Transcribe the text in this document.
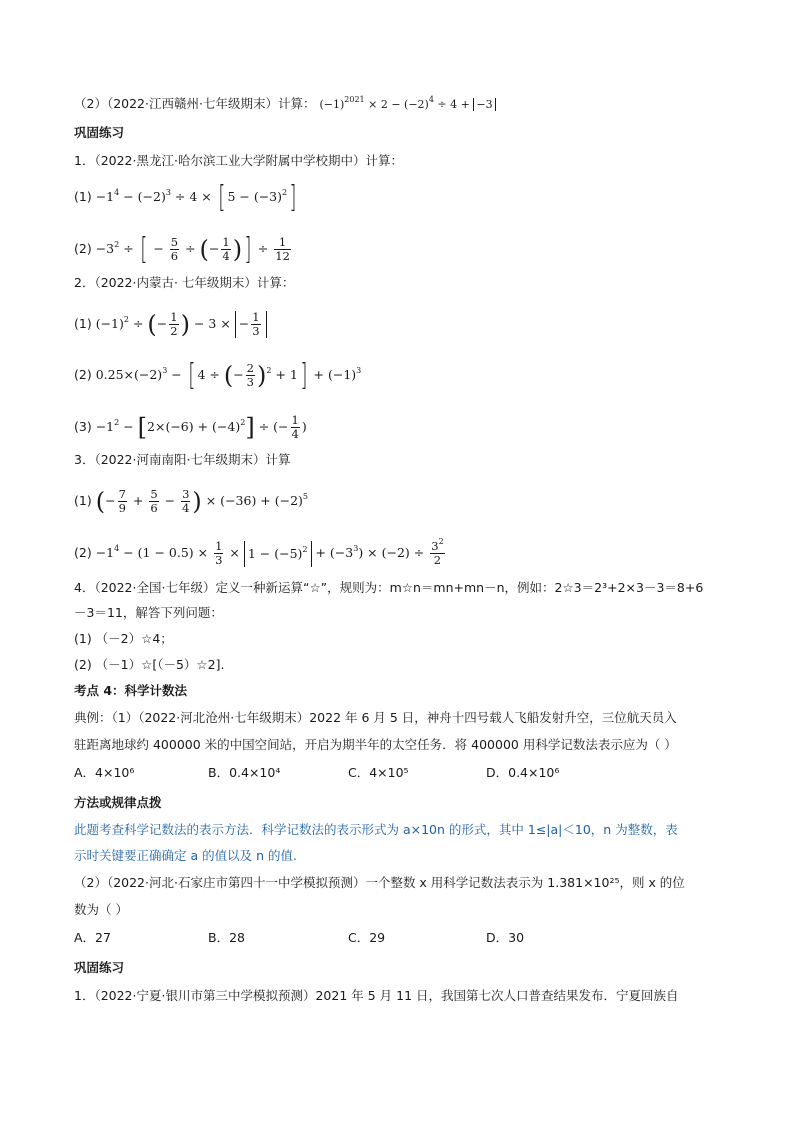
（2）（2022·江西赣州·七年级期末）计算： $(-1)^{2021} \times 2 - (-2)^4 \div 4 + -3$
巩固练习
1．（2022·黑龙江·哈尔滨工业大学附属中学校期中）计算：
$(1) -1^4 - (-2)^3 \div 4$ × [ $5 - (-3)^2$]
$(2) -3^2$ ÷ [ − $\frac{5}{6}$ ÷ (− $\frac{1}{4}$ )] ÷ $\frac{1}{12}$
2．（2022·内蒙古· 七年级期末）计算：
(1) $(-1)^2$ ÷ (− $\frac{1}{2}$ ) − 3 × − $\frac{1}{3}$
(2) $0.25\times(-2)^3$ − [ 4 ÷ (− $\frac{2}{3} )^2 + 1] + (-1)^3$
$(3) -1^2 - [2\times(-6) + (-4)^2]$ ÷ (− $\frac{1}{4}$ )
3．（2022·河南南阳·七年级期末）计算
(1) (− $\frac{7}{9} + \frac{5}{6} - \frac{3}{4}$ ) × $(-36) + (-2)^5$
$(2) -1^4 - (1 - 0.5) \times \frac{1}{3} \times 1 - (-5)^2 + (-3^3) \times (-2) \div \frac{3^2}{2}$
4．（2022·全国·七年级）定义一种新运算“☆”，规则为：m☆n＝mn+mn－n，例如：2☆3＝2³+2×3－3＝8+6
－3＝11，解答下列问题：
(1) （－2）☆4；
(2) （－1）☆[（－5）☆2].
考点 4：科学计数法
典例：（1）（2022·河北沧州·七年级期末）2022 年 6 月 5 日，神舟十四号载人飞船发射升空，三位航天员入
驻距离地球约 400000 米的中国空间站，开启为期半年的太空任务．将 400000 用科学记数法表示应为（ ）
A．4×10⁶	B．0.4×10⁴	C．4×10⁵	D．0.4×10⁶
方法或规律点拨
此题考查科学记数法的表示方法．科学记数法的表示形式为 a×10n 的形式，其中 1≤|a|＜10，n 为整数，表
示时关键要正确确定 a 的值以及 n 的值.
（2）（2022·河北·石家庄市第四十一中学模拟预测）一个整数 x 用科学记数法表示为 1.381×10²⁵，则 x 的位
数为（ ）
A．27	B．28	C．29	D．30
巩固练习
1．（2022·宁夏·银川市第三中学模拟预测）2021 年 5 月 11 日，我国第七次人口普查结果发布．宁夏回族自
